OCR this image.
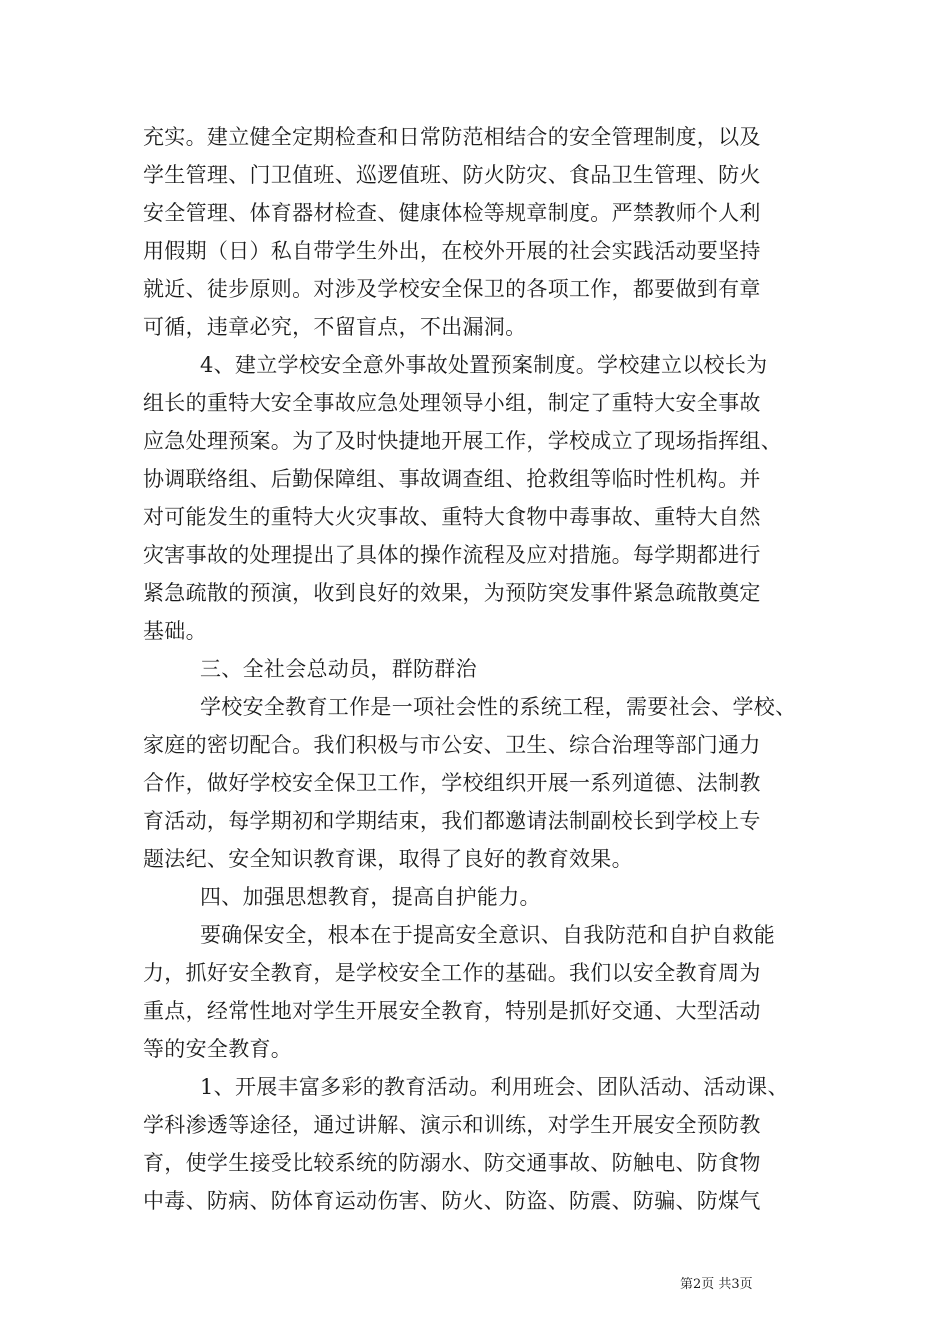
充实。建立健全定期检查和日常防范相结合的安全管理制度，以及
学生管理、门卫值班、巡逻值班、防火防灾、食品卫生管理、防火
安全管理、体育器材检查、健康体检等规章制度。严禁教师个人利
用假期（日）私自带学生外出，在校外开展的社会实践活动要坚持
就近、徒步原则。对涉及学校安全保卫的各项工作，都要做到有章
可循，违章必究，不留盲点，不出漏洞。
4、建立学校安全意外事故处置预案制度。学校建立以校长为
组长的重特大安全事故应急处理领导小组，制定了重特大安全事故
应急处理预案。为了及时快捷地开展工作，学校成立了现场指挥组、
协调联络组、后勤保障组、事故调查组、抢救组等临时性机构。并
对可能发生的重特大火灾事故、重特大食物中毒事故、重特大自然
灾害事故的处理提出了具体的操作流程及应对措施。每学期都进行
紧急疏散的预演，收到良好的效果，为预防突发事件紧急疏散奠定
基础。
三、全社会总动员，群防群治
学校安全教育工作是一项社会性的系统工程，需要社会、学校、
家庭的密切配合。我们积极与市公安、卫生、综合治理等部门通力
合作，做好学校安全保卫工作，学校组织开展一系列道德、法制教
育活动，每学期初和学期结束，我们都邀请法制副校长到学校上专
题法纪、安全知识教育课，取得了良好的教育效果。
四、加强思想教育，提高自护能力。
要确保安全，根本在于提高安全意识、自我防范和自护自救能
力，抓好安全教育，是学校安全工作的基础。我们以安全教育周为
重点，经常性地对学生开展安全教育，特别是抓好交通、大型活动
等的安全教育。
1、开展丰富多彩的教育活动。利用班会、团队活动、活动课、
学科渗透等途径，通过讲解、演示和训练，对学生开展安全预防教
育，使学生接受比较系统的防溺水、防交通事故、防触电、防食物
中毒、防病、防体育运动伤害、防火、防盗、防震、防骗、防煤气
第2页 共3页
